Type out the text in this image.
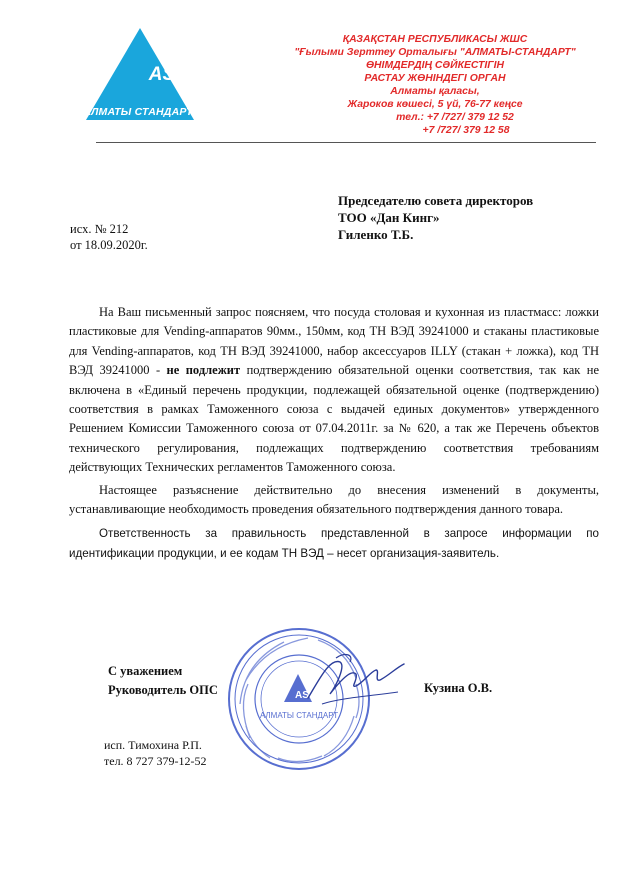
AS
АЛМАТЫ СТАНДАРТ
ҚАЗАҚСТАН РЕСПУБЛИКАСЫ ЖШС
"Ғылыми Зерттеу Орталығы "АЛМАТЫ-СТАНДАРТ"
ӨНІМДЕРДІҢ СӘЙКЕСТІГІН
РАСТАУ ЖӨНІНДЕГІ ОРГАН
Алматы қаласы,
Жароков көшесі, 5 үй, 76-77 кеңсе
тел.: +7 /727/ 379 12 52
+7 /727/ 379 12 58
Председателю совета директоров
ТОО «Дан Кинг»
Гиленко Т.Б.
исх. № 212
от 18.09.2020г.

На Ваш письменный запрос поясняем, что посуда столовая и кухонная из пластмасс: ложки пластиковые для Vending-аппаратов 90мм., 150мм, код ТН ВЭД 39241000 и стаканы пластиковые для Vending-аппаратов, код ТН ВЭД 39241000, набор аксессуаров ILLY (стакан + ложка), код ТН ВЭД 39241000 - не подлежит подтверждению обязательной оценки соответствия, так как не включена в «Единый перечень продукции, подлежащей обязательной оценке (подтверждению) соответствия в рамках Таможенного союза с выдачей единых документов» утвержденного Решением Комиссии Таможенного союза от 07.04.2011г. за № 620, а так же Перечень объектов технического регулирования, подлежащих подтверждению соответствия требованиям действующих Технических регламентов Таможенного союза.

Настоящее разъяснение действительно до внесения изменений в документы, устанавливающие необходимость проведения обязательного подтверждения данного товара.

Ответственность за правильность представленной в запросе информации по идентификации продукции, и ее кодам ТН ВЭД – несет организация-заявитель.

С уважением
Руководитель ОПС	Кузина О.В.
AS
АЛМАТЫ СТАНДАРТ
исп. Тимохина Р.П.
тел. 8 727 379-12-52
